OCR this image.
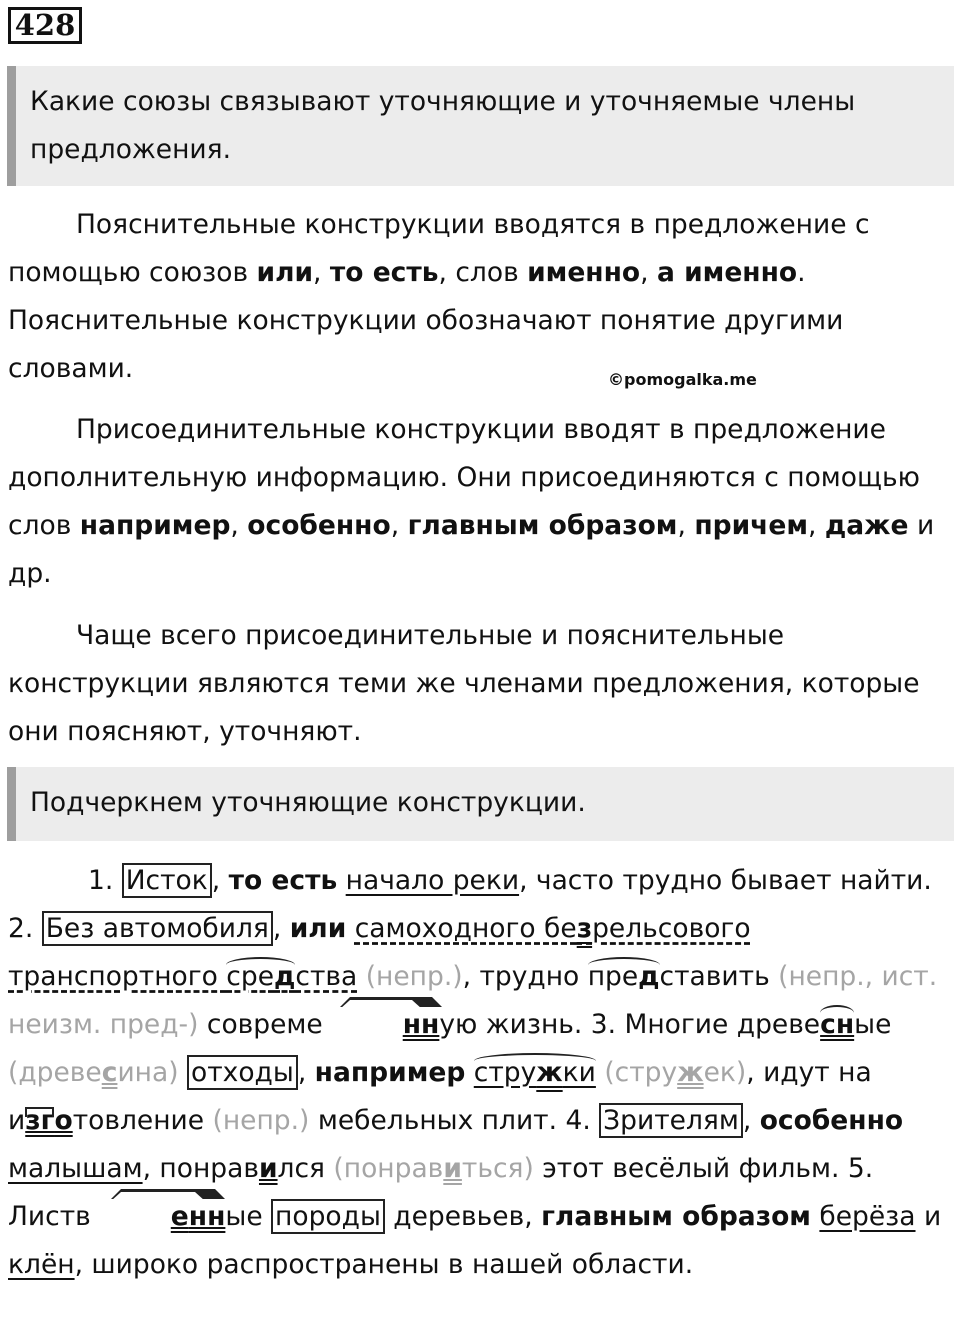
428
Какие союзы связывают уточняющие и уточняемые члены предложения.

Пояснительные конструкции вводятся в предложение с помощью союзов или, то есть, слов именно, а именно. Пояснительные конструкции обозначают понятие другими словами.	©pomogalka.me

Присоединительные конструкции вводят в предложение дополнительную информацию. Они присоединяются с помощью слов например, особенно, главным образом, причем, даже и др.

Чаще всего присоединительные и пояснительные конструкции являются теми же членами предложения, которые они поясняют, уточняют.

Подчеркнем уточняющие конструкции.

1. Исток , то есть начало реки, часто трудно бывает найти. 2. Без автомобиля , или самоходного безрельсового транспортного средства (непр.), трудно представить (непр., ист. неизм. пред-) совреме	нную жизнь. 3. Многие древесные (древесина) отходы , например стружки (стружек), идут на изготовление (непр.) мебельных плит. 4. Зрителям , особенно малышам, понравился (понравиться) этот весёлый фильм. 5. Листв	енные породы деревьев, главным образом берёза и клён, широко распространены в нашей области.
